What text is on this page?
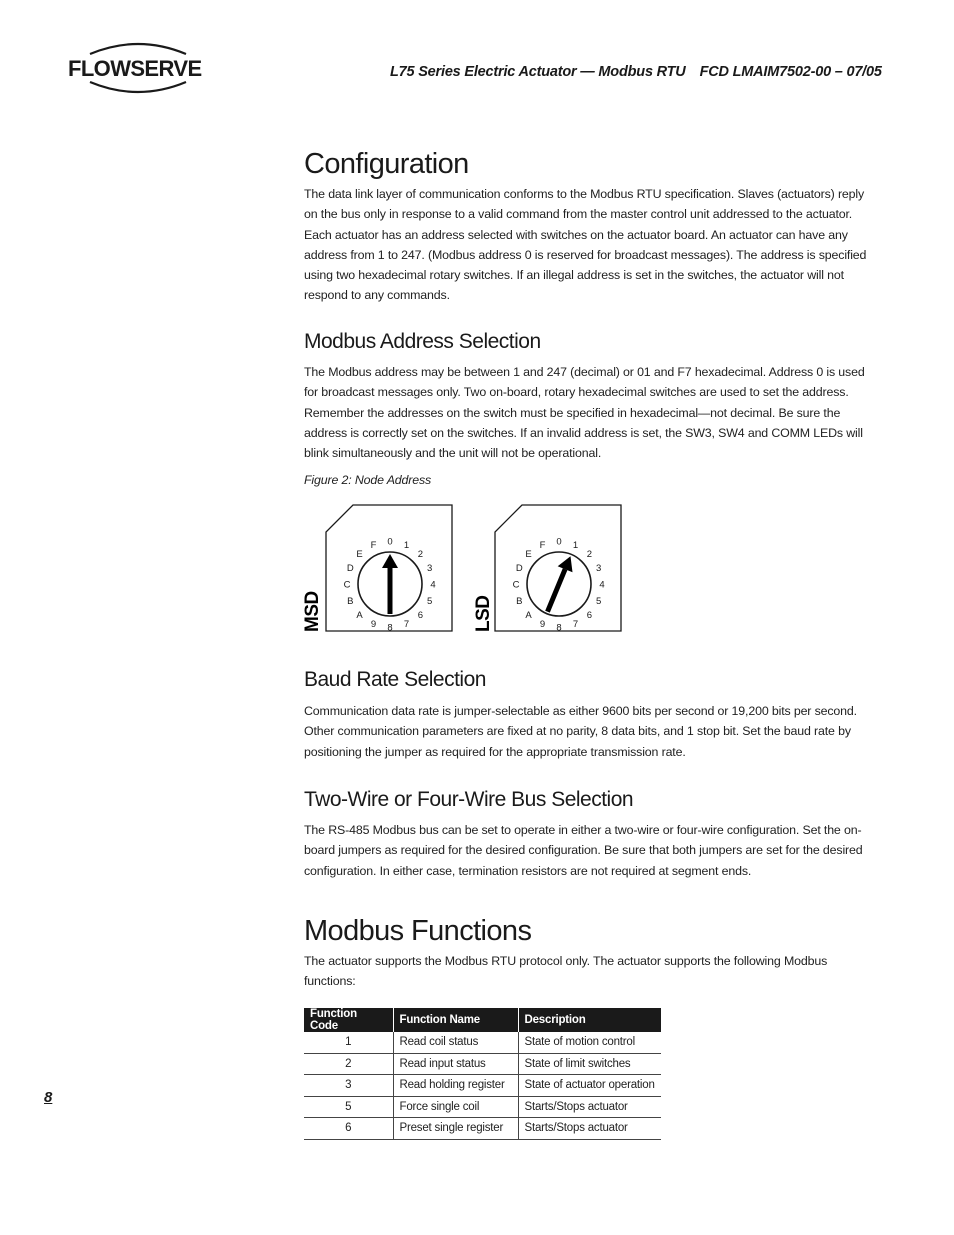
FLOWSERVE	L75 Series Electric Actuator — Modbus RTU FCD LMAIM7502-00 – 07/05
Configuration

The data link layer of communication conforms to the Modbus RTU specification. Slaves (actuators) reply on the bus only in response to a valid command from the master control unit addressed to the actuator. Each actuator has an address selected with switches on the actuator board. An actuator can have any address from 1 to 247. (Modbus address 0 is reserved for broadcast messages). The address is specified using two hexadecimal rotary switches. If an illegal address is set in the switches, the actuator will not respond to any commands.

Modbus Address Selection

The Modbus address may be between 1 and 247 (decimal) or 01 and F7 hexadecimal. Address 0 is used for broadcast messages only. Two on-board, rotary hexadecimal switches are used to set the address. Remember the addresses on the switch must be specified in hexadecimal—not decimal. Be sure the address is correctly set on the switches. If an invalid address is set, the SW3, SW4 and COMM LEDs will blink simultaneously and the unit will not be operational.

Figure 2: Node Address
0 1
2
3
4
5
6
7
8
9
A
B
C
D
E
F
MSD
0 1
2
3
4
5
6
7
8
9
A
B
C
D
E
F
LSD
Baud Rate Selection

Communication data rate is jumper-selectable as either 9600 bits per second or 19,200 bits per second. Other communication parameters are fixed at no parity, 8 data bits, and 1 stop bit. Set the baud rate by positioning the jumper as required for the appropriate transmission rate.

Two-Wire or Four-Wire Bus Selection

The RS-485 Modbus bus can be set to operate in either a two-wire or four-wire configuration. Set the on-board jumpers as required for the desired configuration. Be sure that both jumpers are set for the desired configuration. In either case, termination resistors are not required at segment ends.

Modbus Functions

The actuator supports the Modbus RTU protocol only. The actuator supports the following Modbus functions:

Function Code	Function Name	Description
1	Read coil status	State of motion control
2	Read input status	State of limit switches
3	Read holding register	State of actuator operation
5	Force single coil	Starts/Stops actuator
6	Preset single register	Starts/Stops actuator
8
